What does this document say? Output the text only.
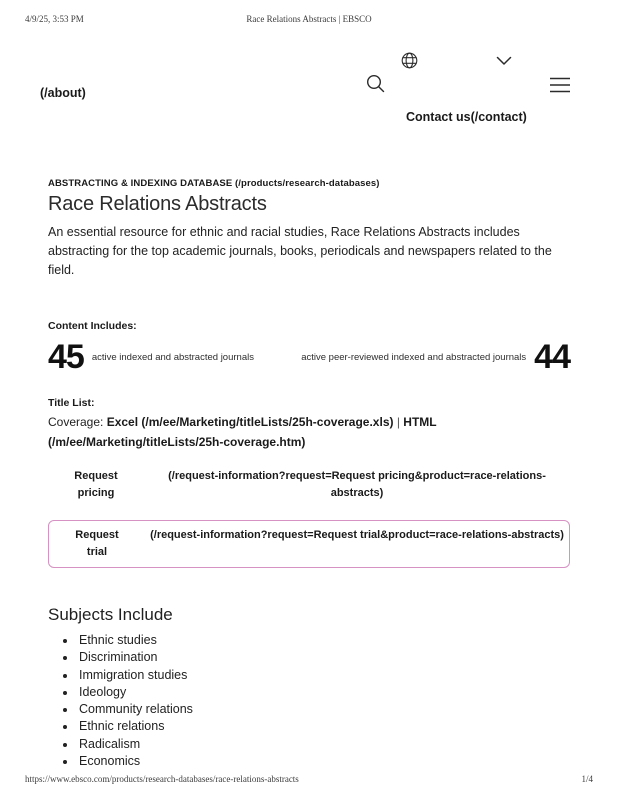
4/9/25, 3:53 PM	Race Relations Abstracts | EBSCO
(/about)
Contact us(/contact)
ABSTRACTING & INDEXING DATABASE (/products/research-databases)
Race Relations Abstracts

An essential resource for ethnic and racial studies, Race Relations Abstracts includes abstracting for the top academic journals, books, periodicals and newspapers related to the field.

Content Includes:
45 active indexed and abstracted journals	active peer-reviewed indexed and abstracted journals 44
Title List:
Coverage: Excel (/m/ee/Marketing/titleLists/25h-coverage.xls) | HTML (/m/ee/Marketing/titleLists/25h-coverage.htm)
Request pricing
(/request-information?request=Request pricing&product=race-relations-abstracts)
Request trial
(/request-information?request=Request trial&product=race-relations-abstracts)
Subjects Include
• Ethnic studies
• Discrimination
• Immigration studies
• Ideology
• Community relations
• Ethnic relations
• Radicalism
• Economics
https://www.ebsco.com/products/research-databases/race-relations-abstracts	1/4
